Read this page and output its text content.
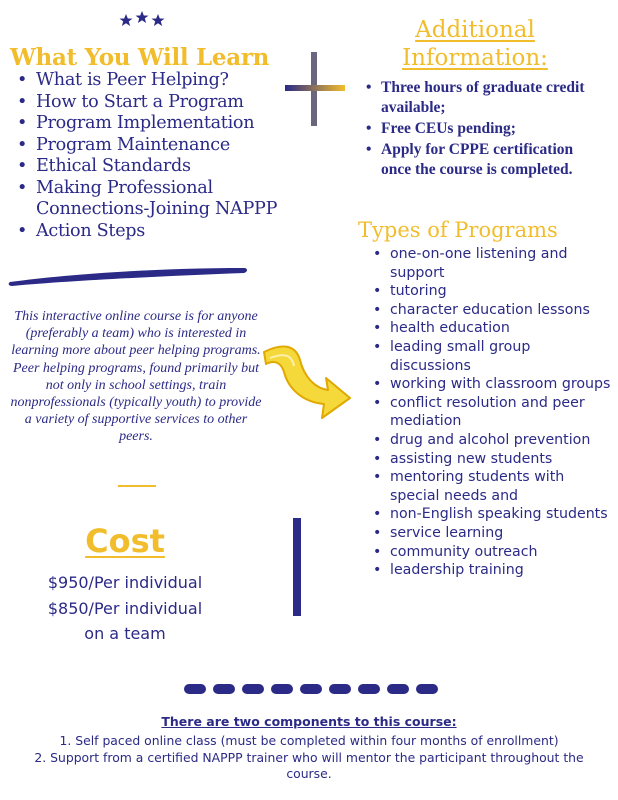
What You Will Learn
• What is Peer Helping?
• How to Start a Program
• Program Implementation
• Program Maintenance
• Ethical Standards
• Making Professional Connections-Joining NAPPP
• Action Steps
Additional Information:
• Three hours of graduate credit available;
• Free CEUs pending;
• Apply for CPPE certification once the course is completed.
Types of Programs
• one-on-one listening and support
• tutoring
• character education lessons
• health education
• leading small group discussions
• working with classroom groups
• conflict resolution and peer mediation
• drug and alcohol prevention
• assisting new students
• mentoring students with special needs and
• non-English speaking students
• service learning
• community outreach
• leadership training
This interactive online course is for anyone (preferably a team) who is interested in learning more about peer helping programs. Peer helping programs, found primarily but not only in school settings, train nonprofessionals (typically youth) to provide a variety of supportive services to other peers.
Cost
$950/Per individual
$850/Per individual
on a team
There are two components to this course:
1. Self paced online class (must be completed within four months of enrollment)
2. Support from a certified NAPPP trainer who will mentor the participant throughout the course.
